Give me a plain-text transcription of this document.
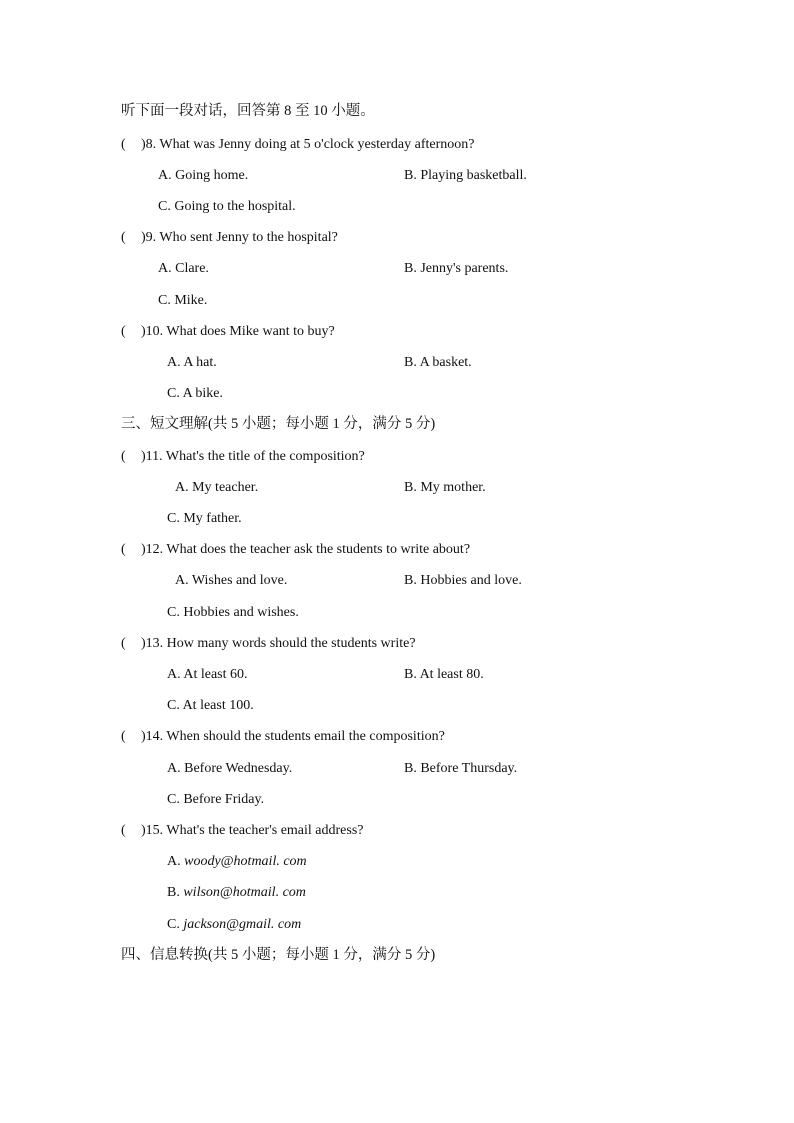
听下面一段对话，回答第 8 至 10 小题。
( )8. What was Jenny doing at 5 o'clock yesterday afternoon?
A. Going home.	B. Playing basketball.
C. Going to the hospital.
( )9. Who sent Jenny to the hospital?
A. Clare.	B. Jenny's parents.
C. Mike.
( )10. What does Mike want to buy?
A. A hat.	B. A basket.
C. A bike.
三、短文理解(共 5 小题；每小题 1 分，满分 5 分)
( )11. What's the title of the composition?
A. My teacher.	B. My mother.
C. My father.
( )12. What does the teacher ask the students to write about?
A. Wishes and love.	B. Hobbies and love.
C. Hobbies and wishes.
( )13. How many words should the students write?
A. At least 60.	B. At least 80.
C. At least 100.
( )14. When should the students email the composition?
A. Before Wednesday.	B. Before Thursday.
C. Before Friday.
( )15. What's the teacher's email address?
A. woody@hotmail. com
B. wilson@hotmail. com
C. jackson@gmail. com
四、信息转换(共 5 小题；每小题 1 分，满分 5 分)
